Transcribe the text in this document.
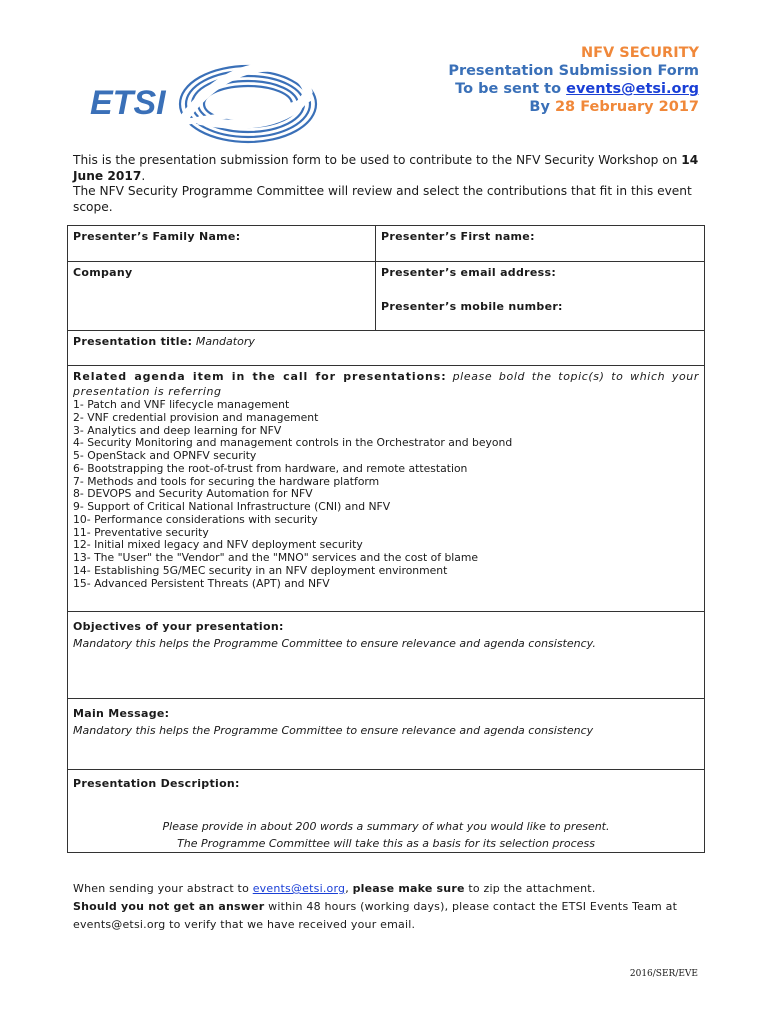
ETSI
NFV SECURITY
Presentation Submission Form
To be sent to events@etsi.org
By 28 February 2017
This is the presentation submission form to be used to contribute to the NFV Security Workshop on 14 June 2017.
The NFV Security Programme Committee will review and select the contributions that fit in this event scope.
Presenter’s Family Name:	Presenter’s First name:
Company	Presenter’s email address:
Presenter’s mobile number:
Presentation title: Mandatory
Related agenda item in the call for presentations: please bold the topic(s) to which your presentation is referring
1- Patch and VNF lifecycle management
2- VNF credential provision and management
3- Analytics and deep learning for NFV
4- Security Monitoring and management controls in the Orchestrator and beyond
5- OpenStack and OPNFV security
6- Bootstrapping the root-of-trust from hardware, and remote attestation
7- Methods and tools for securing the hardware platform
8- DEVOPS and Security Automation for NFV
9- Support of Critical National Infrastructure (CNI) and NFV
10- Performance considerations with security
11- Preventative security
12- Initial mixed legacy and NFV deployment security
13- The "User" the "Vendor" and the "MNO" services and the cost of blame
14- Establishing 5G/MEC security in an NFV deployment environment
15- Advanced Persistent Threats (APT) and NFV
Objectives of your presentation:
Mandatory this helps the Programme Committee to ensure relevance and agenda consistency.
Main Message:
Mandatory this helps the Programme Committee to ensure relevance and agenda consistency
Presentation Description:
Please provide in about 200 words a summary of what you would like to present.
The Programme Committee will take this as a basis for its selection process
When sending your abstract to events@etsi.org, please make sure to zip the attachment.
Should you not get an answer within 48 hours (working days), please contact the ETSI Events Team at
events@etsi.org to verify that we have received your email.
2016/SER/EVE
